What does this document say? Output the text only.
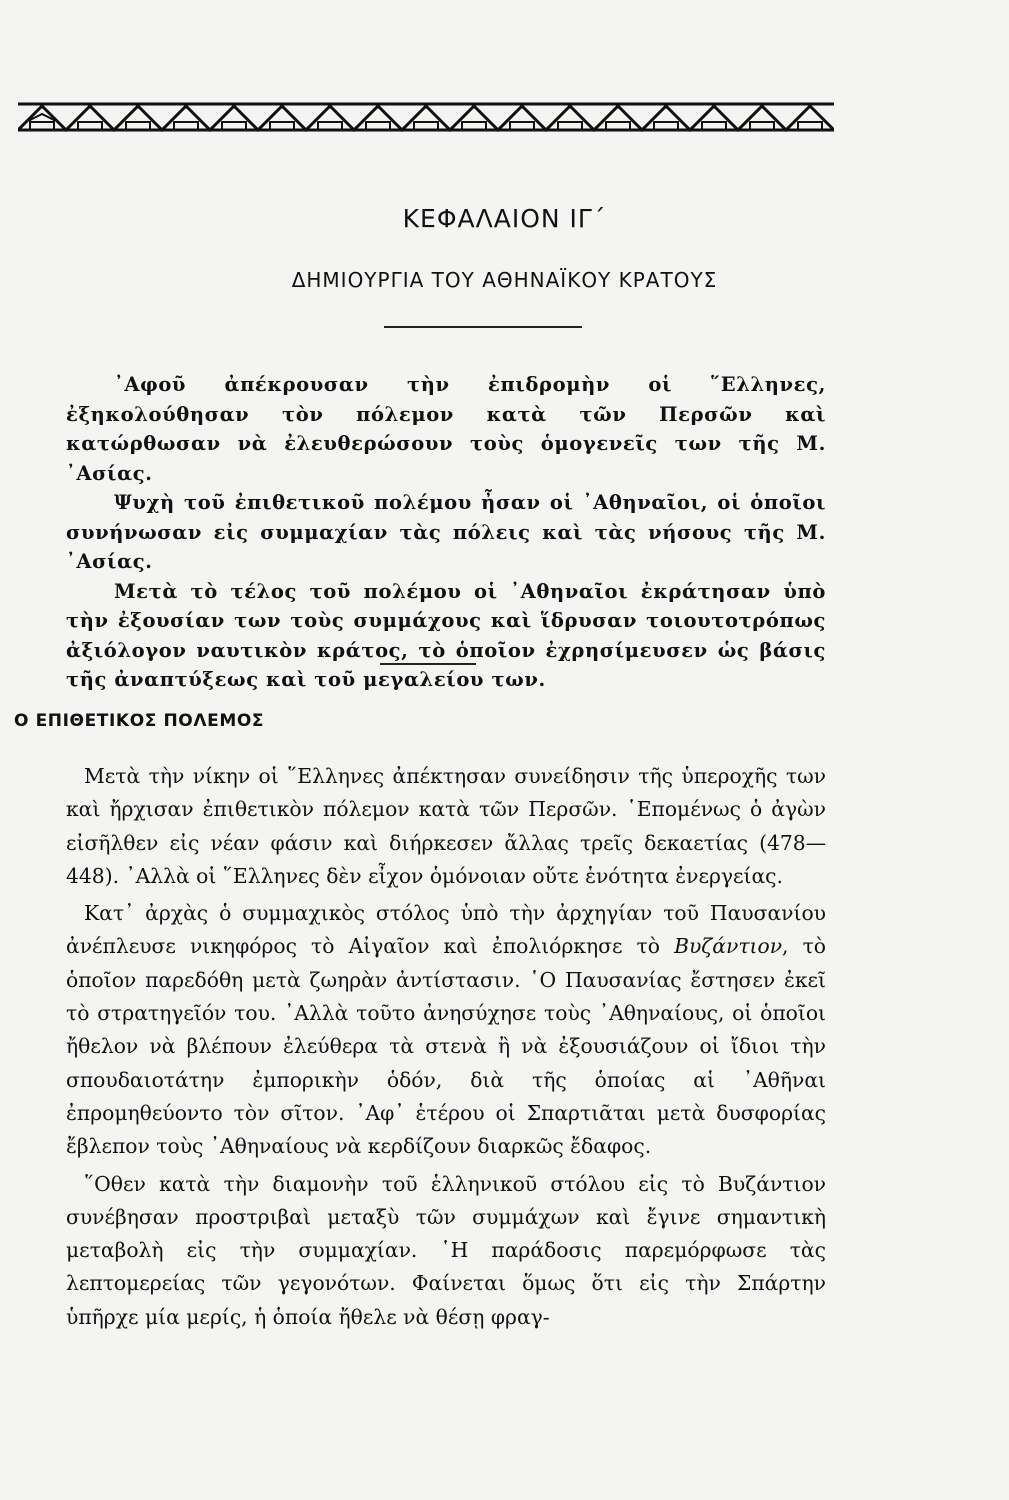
ΚΕΦΑΛΑΙΟΝ ΙΓ΄
ΔΗΜΙΟΥΡΓΙΑ ΤΟΥ ΑΘΗΝΑΪΚΟΥ ΚΡΑΤΟΥΣ

᾿Αφοῦ ἀπέκρουσαν τὴν ἐπιδρομὴν οἱ ῞Ελληνες, ἐξηκολούθησαν τὸν πόλεμον κατὰ τῶν Περσῶν καὶ κατώρθωσαν νὰ ἐλευθερώσουν τοὺς ὁμογενεῖς των τῆς Μ. ᾿Ασίας.

Ψυχὴ τοῦ ἐπιθετικοῦ πολέμου ἦσαν οἱ ᾿Αθηναῖοι, οἱ ὁποῖοι συνήνωσαν εἰς συμμαχίαν τὰς πόλεις καὶ τὰς νήσους τῆς Μ. ᾿Ασίας.

Μετὰ τὸ τέλος τοῦ πολέμου οἱ ᾿Αθηναῖοι ἐκράτησαν ὑπὸ τὴν ἐξουσίαν των τοὺς συμμάχους καὶ ἵδρυσαν τοιουτοτρόπως ἀξιόλογον ναυτικὸν κράτος, τὸ ὁποῖον ἐχρησίμευσεν ὡς βάσις τῆς ἀναπτύξεως καὶ τοῦ μεγαλείου των.

Ο ΕΠΙΘΕΤΙΚΟΣ ΠΟΛΕΜΟΣ

Μετὰ τὴν νίκην οἱ ῞Ελληνες ἀπέκτησαν συνείδησιν τῆς ὑπεροχῆς των καὶ ἤρχισαν ἐπιθετικὸν πόλεμον κατὰ τῶν Περσῶν. ῾Επομένως ὁ ἀγὼν εἰσῆλθεν εἰς νέαν φάσιν καὶ διήρκεσεν ἄλλας τρεῖς δεκαετίας (478—448). ᾿Αλλὰ οἱ ῞Ελληνες δὲν εἶχον ὁμόνοιαν οὔτε ἑνότητα ἐνεργείας.

Κατ᾿ ἀρχὰς ὁ συμμαχικὸς στόλος ὑπὸ τὴν ἀρχηγίαν τοῦ Παυσανίου ἀνέπλευσε νικηφόρος τὸ Αἰγαῖον καὶ ἐπολιόρκησε τὸ Βυζάντιον, τὸ ὁποῖον παρεδόθη μετὰ ζωηρὰν ἀντίστασιν. ῾Ο Παυσανίας ἔστησεν ἐκεῖ τὸ στρατηγεῖόν του. ᾿Αλλὰ τοῦτο ἀνησύχησε τοὺς ᾿Αθηναίους, οἱ ὁποῖοι ἤθελον νὰ βλέπουν ἐλεύθερα τὰ στενὰ ἢ νὰ ἐξουσιάζουν οἱ ἴδιοι τὴν σπουδαιοτάτην ἐμπορικὴν ὁδόν, διὰ τῆς ὁποίας αἱ ᾿Αθῆναι ἐπρομηθεύοντο τὸν σῖτον. ᾿Αφ᾿ ἑτέρου οἱ Σπαρτιᾶται μετὰ δυσφορίας ἔβλεπον τοὺς ᾿Αθηναίους νὰ κερδίζουν διαρκῶς ἔδαφος.

῞Οθεν κατὰ τὴν διαμονὴν τοῦ ἑλληνικοῦ στόλου εἰς τὸ Βυζάντιον συνέβησαν προστριβαὶ μεταξὺ τῶν συμμάχων καὶ ἔγινε σημαντικὴ μεταβολὴ εἰς τὴν συμμαχίαν. ῾Η παράδοσις παρεμόρφωσε τὰς λεπτομερείας τῶν γεγονότων. Φαίνεται ὅμως ὅτι εἰς τὴν Σπάρτην ὑπῆρχε μία μερίς, ἡ ὁποία ἤθελε νὰ θέσῃ φραγ-
